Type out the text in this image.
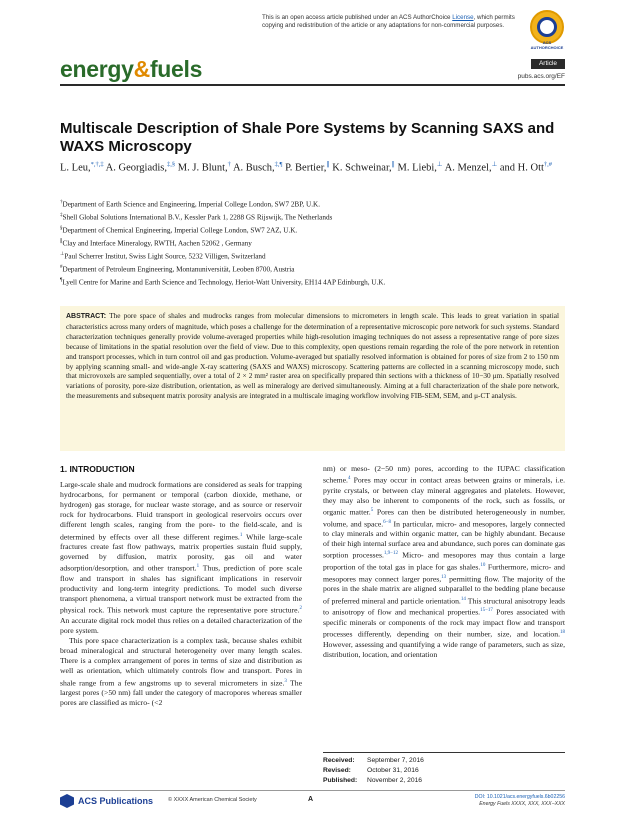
This is an open access article published under an ACS AuthorChoice License, which permits
copying and redistribution of the article or any adaptations for non-commercial purposes.
ACS AUTHORCHOICE
energy&fuels	Article
pubs.acs.org/EF
Multiscale Description of Shale Pore Systems by Scanning SAXS and WAXS Microscopy
L. Leu,*,†,‡ A. Georgiadis,‡,§ M. J. Blunt,† A. Busch,‡,¶ P. Bertier,∥ K. Schweinar,∥ M. Liebi,⊥ A. Menzel,⊥ and H. Ott†,#
†Department of Earth Science and Engineering, Imperial College London, SW7 2BP, U.K.
‡Shell Global Solutions International B.V., Kessler Park 1, 2288 GS Rijswijk, The Netherlands
§Department of Chemical Engineering, Imperial College London, SW7 2AZ, U.K.
∥Clay and Interface Mineralogy, RWTH, Aachen 52062 , Germany
⊥Paul Scherrer Institut, Swiss Light Source, 5232 Villigen, Switzerland
#Department of Petroleum Engineering, Montanuniversität, Leoben 8700, Austria
¶Lyell Centre for Marine and Earth Science and Technology, Heriot-Watt University, EH14 4AP Edinburgh, U.K.
ABSTRACT: The pore space of shales and mudrocks ranges from molecular dimensions to micrometers in length scale. This leads to great variation in spatial characteristics across many orders of magnitude, which poses a challenge for the determination of a representative microscopic pore network for such systems. Standard characterization techniques generally provide volume-averaged properties while high-resolution imaging techniques do not assess a representative range of pore sizes because of limitations in the spatial resolution over the field of view. Due to this complexity, open questions remain regarding the role of the pore network in retention and transport processes, which in turn control oil and gas production. Volume-averaged but spatially resolved information is obtained for pores of size from 2 to 150 nm by applying scanning small- and wide-angle X-ray scattering (SAXS and WAXS) microscopy. Scattering patterns are collected in a scanning microscopy mode, such that microvoxels are sampled sequentially, over a total of 2 × 2 mm² raster area on specifically prepared thin sections with a thickness of 10−30 μm. Spatially resolved variations of porosity, pore-size distribution, orientation, as well as mineralogy are derived simultaneously. Aiming at a full characterization of the shale pore network, the measurements and subsequent matrix porosity analysis are integrated in a multiscale imaging workflow involving FIB-SEM, SEM, and μ-CT analysis.
1. INTRODUCTION

Large-scale shale and mudrock formations are considered as seals for trapping hydrocarbons, for permanent or temporal (carbon dioxide, methane, or hydrogen) gas storage, for nuclear waste storage, and as source or reservoir rock for hydrocarbons. Fluid transport in geological reservoirs occurs over different length scales, ranging from the pore- to the field-scale, and is determined by effects over all these different regimes.$^1$ While large-scale fractures create fast flow pathways, matrix properties sustain fluid supply, governed by diffusion, matrix porosity, gas oil and water adsorption/desorption, and other transport.$^1$ Thus, prediction of pore scale flow and transport in shales has significant implications in reservoir productivity and long-term integrity predictions. To model such diverse transport phenomena, a virtual transport network must be extracted from the physical rock. This network must capture the representative pore structure.$^2$ An accurate digital rock model thus relies on a detailed characterization of the pore system.

This pore space characterization is a complex task, because shales exhibit broad mineralogical and structural heterogeneity over many length scales. There is a complex arrangement of pores in terms of size and distribution as well as orientation, which ultimately controls flow and transport. Pores in shale range from a few angstroms up to several micrometers in size.$^3$ The largest pores (>50 nm) fall under the category of macropores whereas smaller pores are classified as micro- (<2

nm) or meso- (2−50 nm) pores, according to the IUPAC classification scheme.$^4$ Pores may occur in contact areas between grains or minerals, i.e. pyrite crystals, or between clay mineral aggregates and platelets. However, they may also be inherent to components of the rock, such as fossils, or organic matter.$^5$ Pores can then be distributed heterogeneously in number, volume, and space.$^{6-8}$ In particular, micro- and mesopores, largely connected to clay minerals and within organic matter, can be highly abundant. Because of their high internal surface area and abundance, such pores can dominate gas sorption processes.$^{1,9-12}$ Micro- and mesopores may thus contain a large proportion of the total gas in place for gas shales.$^{10}$ Furthermore, micro- and mesopores may connect larger pores,$^{13}$ permitting flow. The majority of the pores in the shale matrix are aligned subparallel to the bedding plane because of preferred mineral and particle orientation.$^{14}$ This structural anisotropy leads to anisotropy of flow and mechanical properties.$^{15-17}$ Pores associated with specific minerals or components of the rock may impact flow and transport processes differently, depending on their number, size, and location.$^{18}$ However, assessing and quantifying a wide range of parameters, such as size, distribution, location, and orientation

Received: September 7, 2016
Revised: October 31, 2016
Published: November 2, 2016
ACS Publications	© XXXX American Chemical Society	A	DOI: 10.1021/acs.energyfuels.6b02256
Energy Fuels XXXX, XXX, XXX−XXX
